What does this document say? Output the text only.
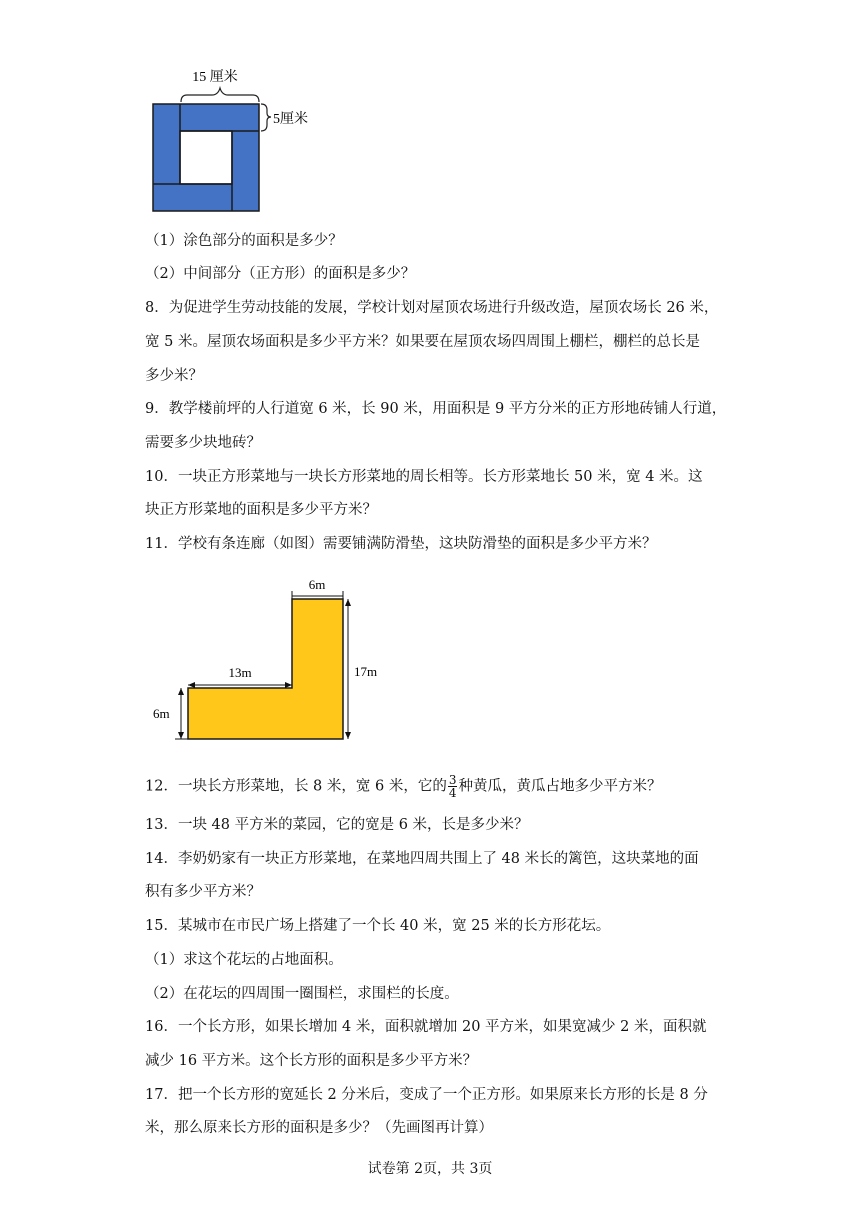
15 厘米
5厘米
（1）涂色部分的面积是多少？
（2）中间部分（正方形）的面积是多少？
8．为促进学生劳动技能的发展，学校计划对屋顶农场进行升级改造，屋顶农场长 26 米，
宽 5 米。屋顶农场面积是多少平方米？如果要在屋顶农场四周围上棚栏，棚栏的总长是
多少米？
9．教学楼前坪的人行道宽 6 米，长 90 米，用面积是 9 平方分米的正方形地砖铺人行道，
需要多少块地砖？
10．一块正方形菜地与一块长方形菜地的周长相等。长方形菜地长 50 米，宽 4 米。这
块正方形菜地的面积是多少平方米？
11．学校有条连廊（如图）需要铺满防滑垫，这块防滑垫的面积是多少平方米？
6m
17m
13m
6m
12．一块长方形菜地，长 8 米，宽 6 米，它的 $\frac{3}{4}$ 种黄瓜，黄瓜占地多少平方米？
13．一块 48 平方米的菜园，它的宽是 6 米，长是多少米？
14．李奶奶家有一块正方形菜地，在菜地四周共围上了 48 米长的篱笆，这块菜地的面
积有多少平方米？
15．某城市在市民广场上搭建了一个长 40 米，宽 25 米的长方形花坛。
（1）求这个花坛的占地面积。
（2）在花坛的四周围一圈围栏，求围栏的长度。
16．一个长方形，如果长增加 4 米，面积就增加 20 平方米，如果宽减少 2 米，面积就
减少 16 平方米。这个长方形的面积是多少平方米？
17．把一个长方形的宽延长 2 分米后，变成了一个正方形。如果原来长方形的长是 8 分
米，那么原来长方形的面积是多少？（先画图再计算）
试卷第 2页，共 3页
